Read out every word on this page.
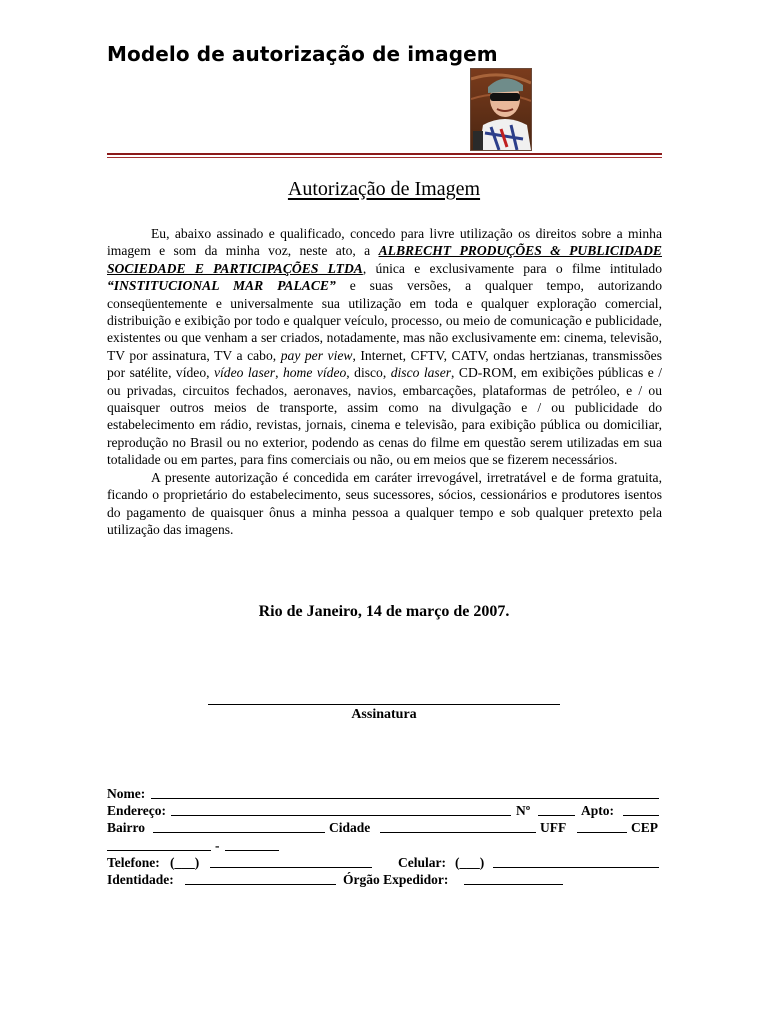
Modelo de autorização de imagem
Autorização de Imagem

Eu, abaixo assinado e qualificado, concedo para livre utilização os direitos sobre a minha imagem e som da minha voz, neste ato, a ALBRECHT PRODUÇÕES & PUBLICIDADE SOCIEDADE E PARTICIPAÇÕES LTDA, única e exclusivamente para o filme intitulado “INSTITUCIONAL MAR PALACE” e suas versões, a qualquer tempo, autorizando conseqüentemente e universalmente sua utilização em toda e qualquer exploração comercial, distribuição e exibição por todo e qualquer veículo, processo, ou meio de comunicação e publicidade, existentes ou que venham a ser criados, notadamente, mas não exclusivamente em: cinema, televisão, TV por assinatura, TV a cabo, pay per view, Internet, CFTV, CATV, ondas hertzianas, transmissões por satélite, vídeo, vídeo laser, home vídeo, disco, disco laser, CD-ROM, em exibições públicas e / ou privadas, circuitos fechados, aeronaves, navios, embarcações, plataformas de petróleo, e / ou quaisquer outros meios de transporte, assim como na divulgação e / ou publicidade do estabelecimento em rádio, revistas, jornais, cinema e televisão, para exibição pública ou domiciliar, reprodução no Brasil ou no exterior, podendo as cenas do filme em questão serem utilizadas em sua totalidade ou em partes, para fins comerciais ou não, ou em meios que se fizerem necessários.

A presente autorização é concedida em caráter irrevogável, irretratável e de forma gratuita, ficando o proprietário do estabelecimento, seus sucessores, sócios, cessionários e produtores isentos do pagamento de quaisquer ônus a minha pessoa a qualquer tempo e sob qualquer pretexto pela utilização das imagens.

Rio de Janeiro, 14 de março de 2007.
Assinatura
Nome:
Endereço:	Nº	Apto:
Bairro	Cidade	UFF	CEP
-
Telefone: (___)	Celular: (___)
Identidade:	Órgão Expedidor:
